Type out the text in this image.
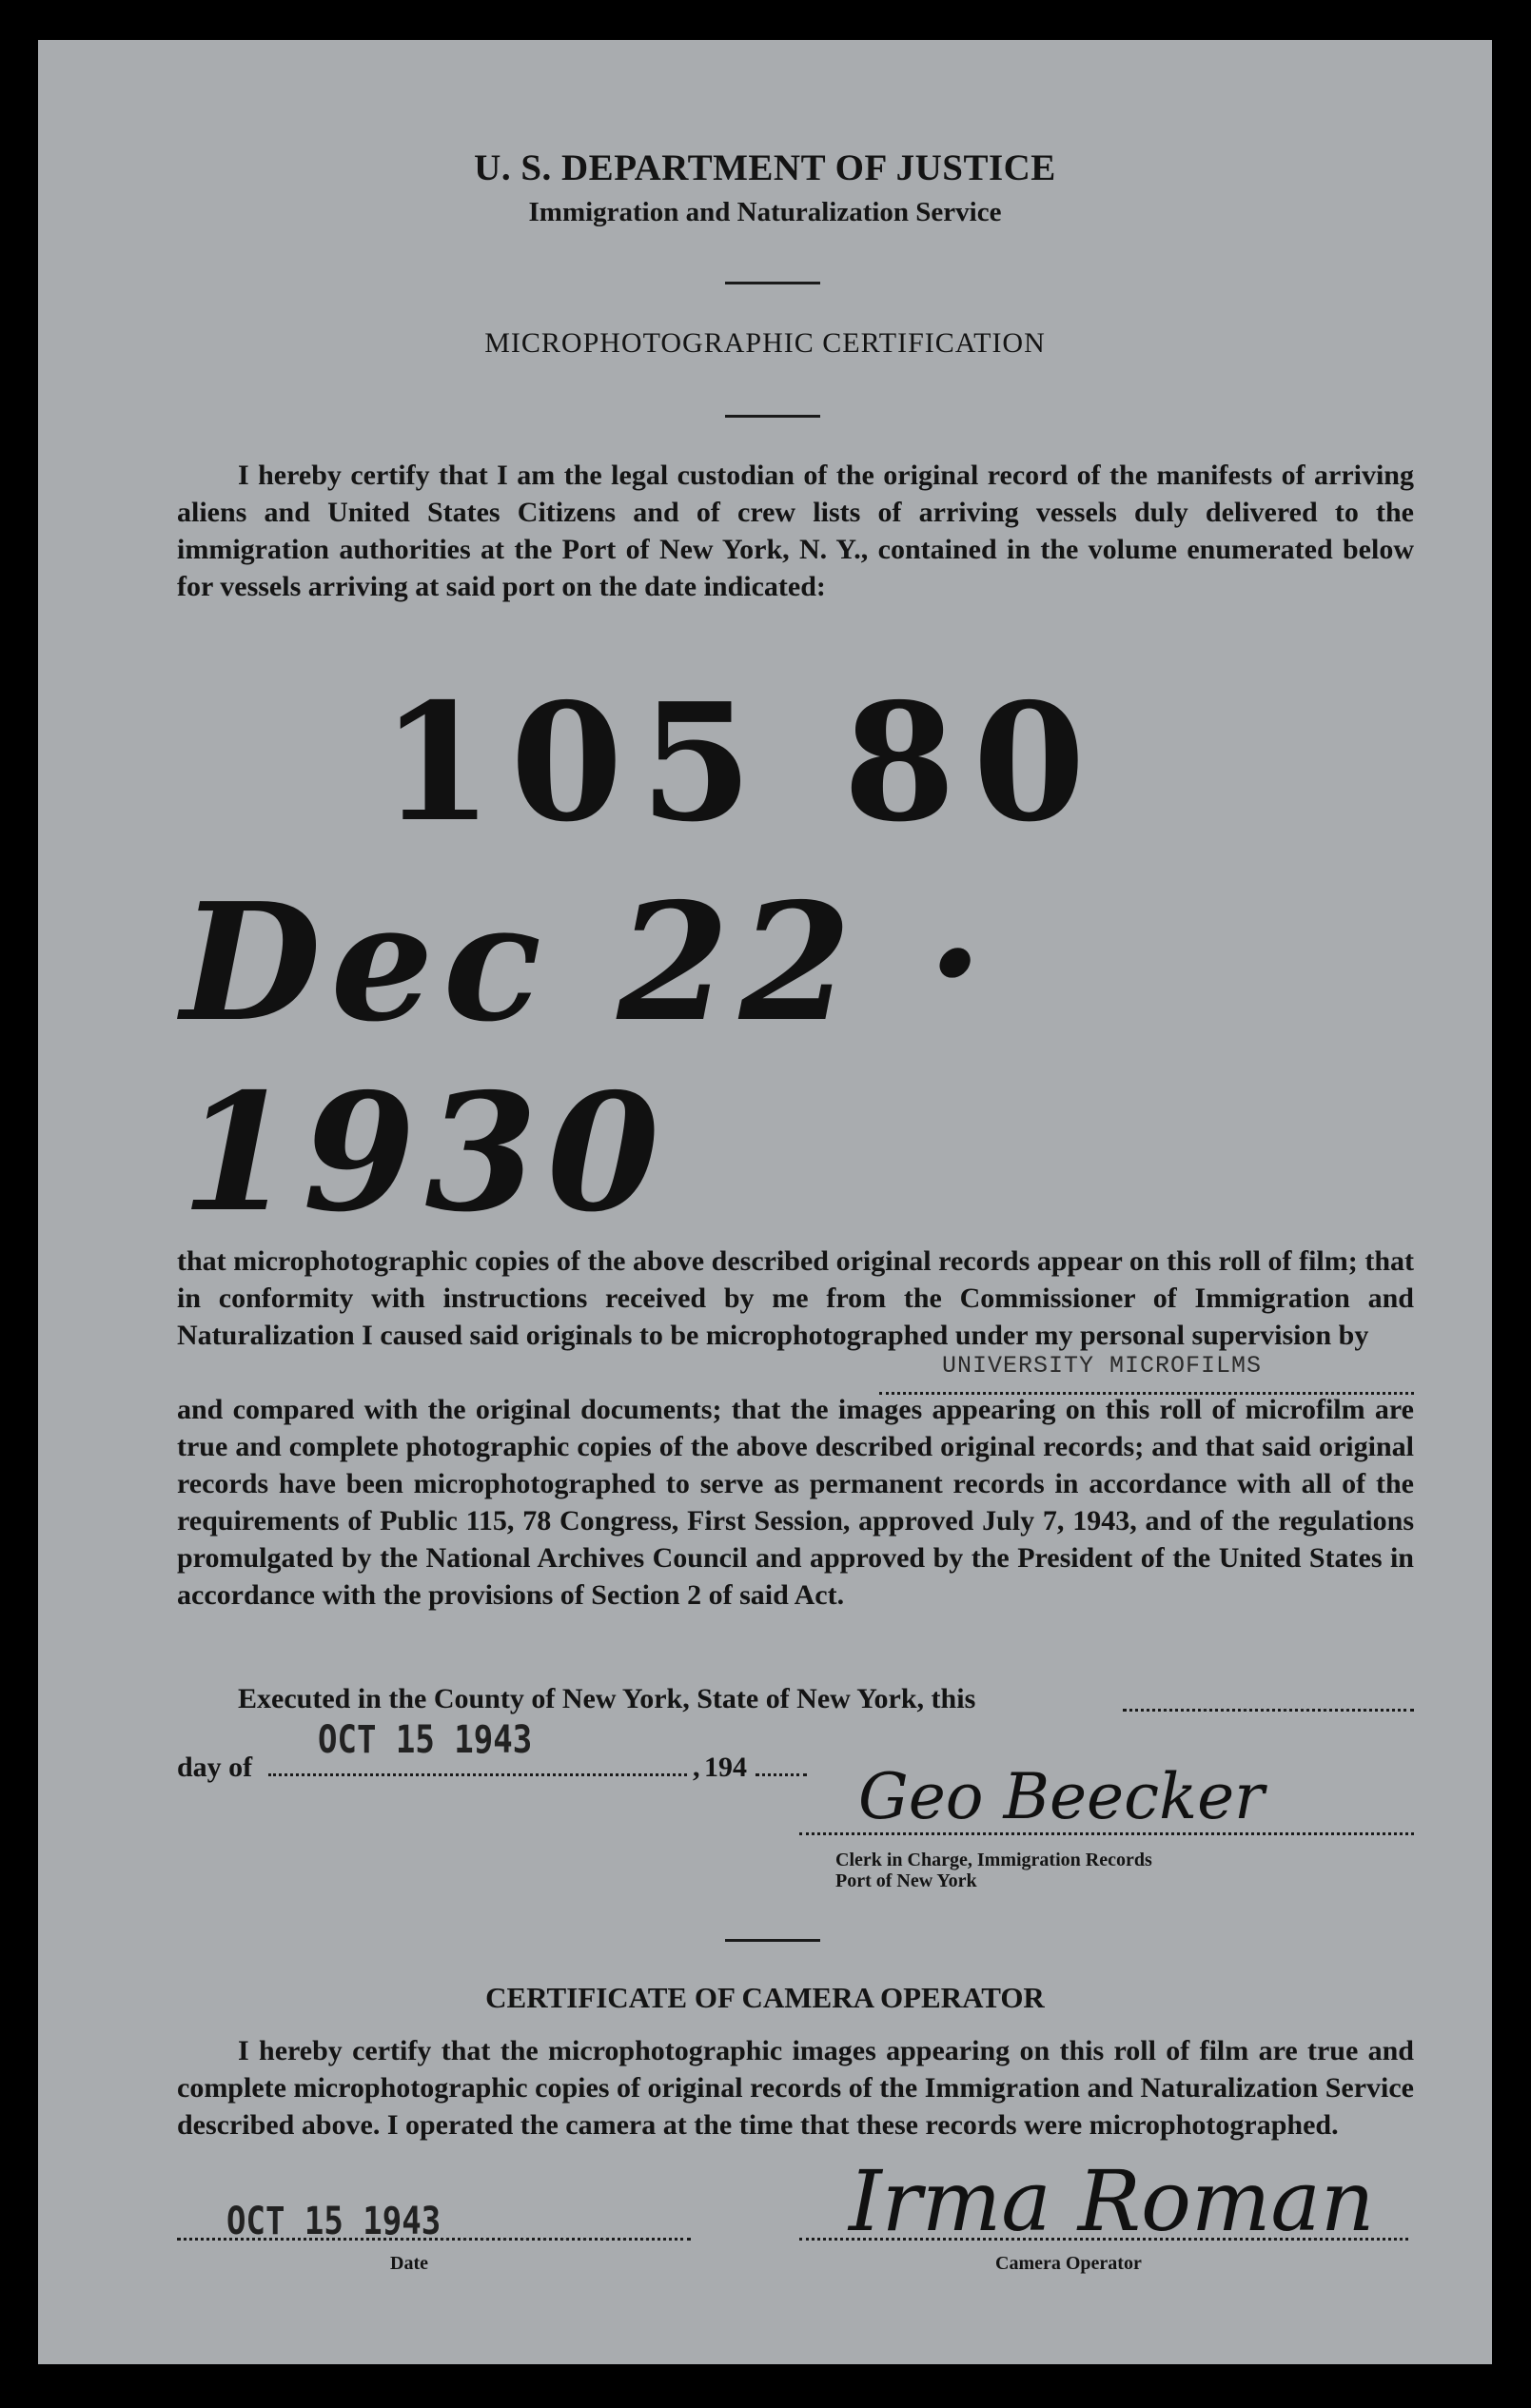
U. S. DEPARTMENT OF JUSTICE
Immigration and Naturalization Service
MICROPHOTOGRAPHIC CERTIFICATION

I hereby certify that I am the legal custodian of the original record of the manifests of arriving aliens and United States Citizens and of crew lists of arriving vessels duly delivered to the immigration authorities at the Port of New York, N. Y., contained in the volume enumerated below for vessels arriving at said port on the date indicated:

105 80
Dec 22 · 1930

that microphotographic copies of the above described original records appear on this roll of film; that in conformity with instructions received by me from the Commissioner of Immigration and Naturalization I caused said originals to be microphotographed under my personal supervision by

UNIVERSITY MICROFILMS

and compared with the original documents; that the images appearing on this roll of microfilm are true and complete photographic copies of the above described original records; and that said original records have been microphotographed to serve as permanent records in accordance with all of the requirements of Public 115, 78 Congress, First Session, approved July 7, 1943, and of the regulations promulgated by the National Archives Council and approved by the President of the United States in accordance with the provisions of Section 2 of said Act.

Executed in the County of New York, State of New York, this
OCT 15 1943
day of	, 194 Geo Beecker
Clerk in Charge, Immigration Records
Port of New York
CERTIFICATE OF CAMERA OPERATOR

I hereby certify that the microphotographic images appearing on this roll of film are true and complete microphotographic copies of original records of the Immigration and Naturalization Service described above. I operated the camera at the time that these records were microphotographed.

OCT 15 1943
Date
Irma Roman
Camera Operator
